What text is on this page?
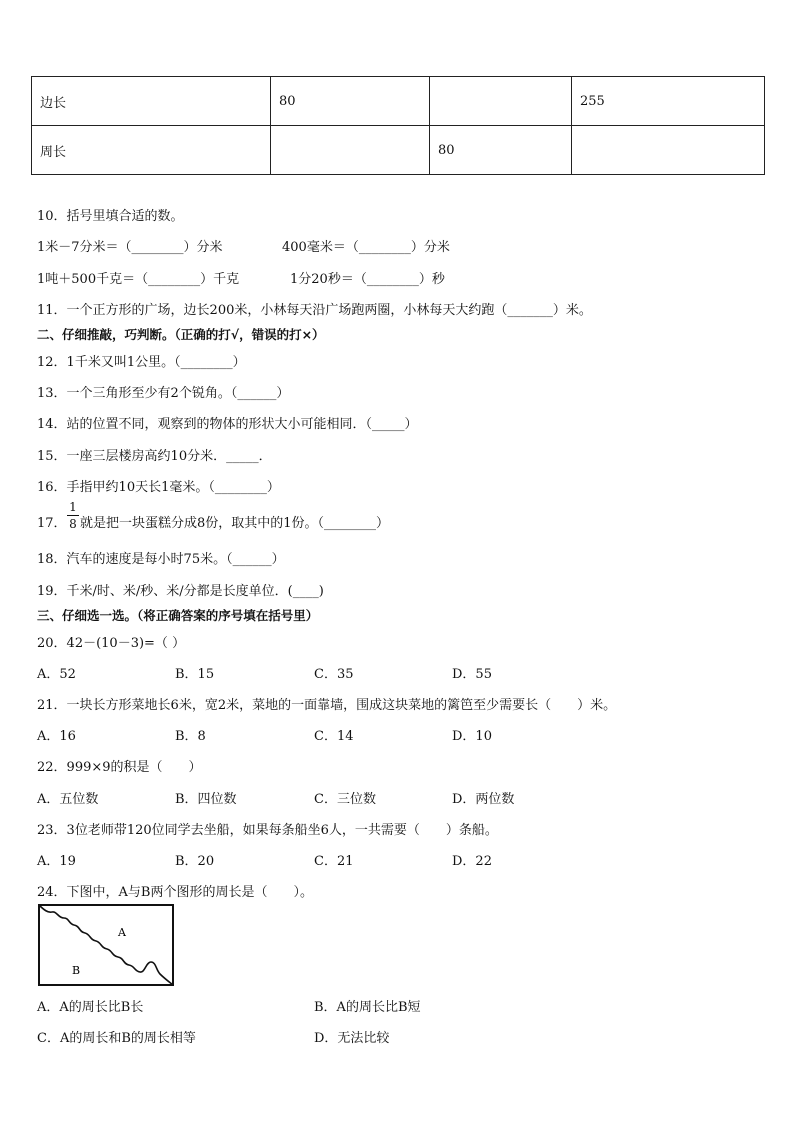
边长	80		255
周长		80	
10．括号里填合适的数。
1米－7分米＝（________）分米	400毫米＝（________）分米
1吨＋500千克＝（________）千克	1分20秒＝（________）秒
11．一个正方形的广场，边长200米，小林每天沿广场跑两圈，小林每天大约跑（_______）米。
二、仔细推敲，巧判断。（正确的打√，错误的打×）
12．1千米又叫1公里。（________）
13．一个三角形至少有2个锐角。（______）
14．站的位置不同，观察到的物体的形状大小可能相同．（_____）
15．一座三层楼房高约10分米．_____．
16．手指甲约10天长1毫米。（________）
17．
1
8 就是把一块蛋糕分成8份，取其中的1份。（________）
18．汽车的速度是每小时75米。（______）
19．千米/时、米/秒、米/分都是长度单位．(____)
三、仔细选一选。（将正确答案的序号填在括号里）
20．42－(10－3)=（ ）
A．52	B．15	C．35	D．55
21．一块长方形菜地长6米，宽2米，菜地的一面靠墙，围成这块菜地的篱笆至少需要长（　　）米。
A．16	B．8	C．14	D．10
22．999×9的积是（　　）
A．五位数	B．四位数	C．三位数	D．两位数
23．3位老师带120位同学去坐船，如果每条船坐6人，一共需要（　　）条船。
A．19	B．20	C．21	D．22
24．下图中，A与B两个图形的周长是（　　）。
A
B
A．A的周长比B长	B．A的周长比B短
C．A的周长和B的周长相等	D．无法比较
